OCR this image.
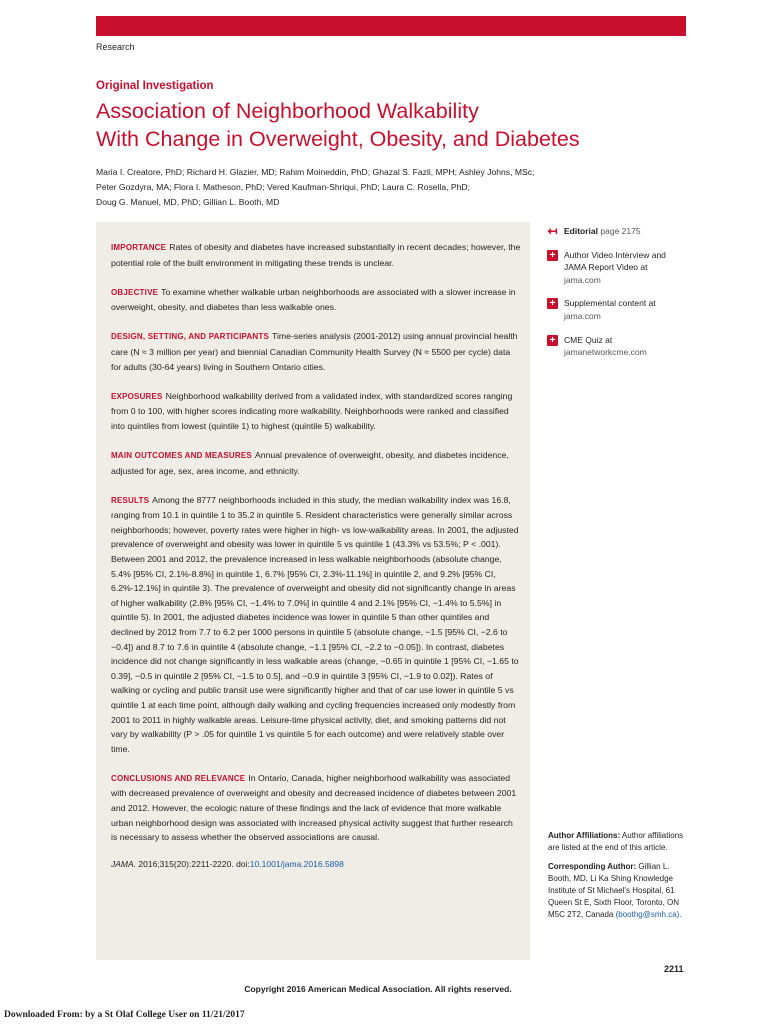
Research
Original Investigation
Association of Neighborhood Walkability
With Change in Overweight, Obesity, and Diabetes
Maria I. Creatore, PhD; Richard H. Glazier, MD; Rahim Moineddin, PhD; Ghazal S. Fazli, MPH; Ashley Johns, MSc;
Peter Gozdyra, MA; Flora I. Matheson, PhD; Vered Kaufman-Shriqui, PhD; Laura C. Rosella, PhD;
Doug G. Manuel, MD, PhD; Gillian L. Booth, MD

IMPORTANCE Rates of obesity and diabetes have increased substantially in recent decades; however, the potential role of the built environment in mitigating these trends is unclear.

OBJECTIVE To examine whether walkable urban neighborhoods are associated with a slower increase in overweight, obesity, and diabetes than less walkable ones.

DESIGN, SETTING, AND PARTICIPANTS Time-series analysis (2001-2012) using annual provincial health care (N ≈ 3 million per year) and biennial Canadian Community Health Survey (N ≈ 5500 per cycle) data for adults (30-64 years) living in Southern Ontario cities.

EXPOSURES Neighborhood walkability derived from a validated index, with standardized scores ranging from 0 to 100, with higher scores indicating more walkability. Neighborhoods were ranked and classified into quintiles from lowest (quintile 1) to highest (quintile 5) walkability.

MAIN OUTCOMES AND MEASURES Annual prevalence of overweight, obesity, and diabetes incidence, adjusted for age, sex, area income, and ethnicity.

RESULTS Among the 8777 neighborhoods included in this study, the median walkability index was 16.8, ranging from 10.1 in quintile 1 to 35.2 in quintile 5. Resident characteristics were generally similar across neighborhoods; however, poverty rates were higher in high- vs low-walkability areas. In 2001, the adjusted prevalence of overweight and obesity was lower in quintile 5 vs quintile 1 (43.3% vs 53.5%; P < .001). Between 2001 and 2012, the prevalence increased in less walkable neighborhoods (absolute change, 5.4% [95% CI, 2.1%-8.8%] in quintile 1, 6.7% [95% CI, 2.3%-11.1%] in quintile 2, and 9.2% [95% CI, 6.2%-12.1%] in quintile 3). The prevalence of overweight and obesity did not significantly change in areas of higher walkability (2.8% [95% CI, −1.4% to 7.0%] in quintile 4 and 2.1% [95% CI, −1.4% to 5.5%] in quintile 5). In 2001, the adjusted diabetes incidence was lower in quintile 5 than other quintiles and declined by 2012 from 7.7 to 6.2 per 1000 persons in quintile 5 (absolute change, −1.5 [95% CI, −2.6 to −0.4]) and 8.7 to 7.6 in quintile 4 (absolute change, −1.1 [95% CI, −2.2 to −0.05]). In contrast, diabetes incidence did not change significantly in less walkable areas (change, −0.65 in quintile 1 [95% CI, −1.65 to 0.39], −0.5 in quintile 2 [95% CI, −1.5 to 0.5], and −0.9 in quintile 3 [95% CI, −1.9 to 0.02]). Rates of walking or cycling and public transit use were significantly higher and that of car use lower in quintile 5 vs quintile 1 at each time point, although daily walking and cycling frequencies increased only modestly from 2001 to 2011 in highly walkable areas. Leisure-time physical activity, diet, and smoking patterns did not vary by walkability (P > .05 for quintile 1 vs quintile 5 for each outcome) and were relatively stable over time.

CONCLUSIONS AND RELEVANCE In Ontario, Canada, higher neighborhood walkability was associated with decreased prevalence of overweight and obesity and decreased incidence of diabetes between 2001 and 2012. However, the ecologic nature of these findings and the lack of evidence that more walkable urban neighborhood design was associated with increased physical activity suggest that further research is necessary to assess whether the observed associations are causal.

JAMA. 2016;315(20):2211-2220. doi:10.1001/jama.2016.5898
↤ Editorial page 2175
+	Author Video Interview and JAMA Report Video at
jama.com
+	Supplemental content at
jama.com
+	CME Quiz at
jamanetworkcme.com

Author Affiliations: Author affiliations are listed at the end of this article.

Corresponding Author: Gillian L. Booth, MD, Li Ka Shing Knowledge Institute of St Michael's Hospital, 61 Queen St E, Sixth Floor, Toronto, ON M5C 2T2, Canada (boothg@smh.ca).

2211
Copyright 2016 American Medical Association. All rights reserved.
Downloaded From: by a St Olaf College User on 11/21/2017
